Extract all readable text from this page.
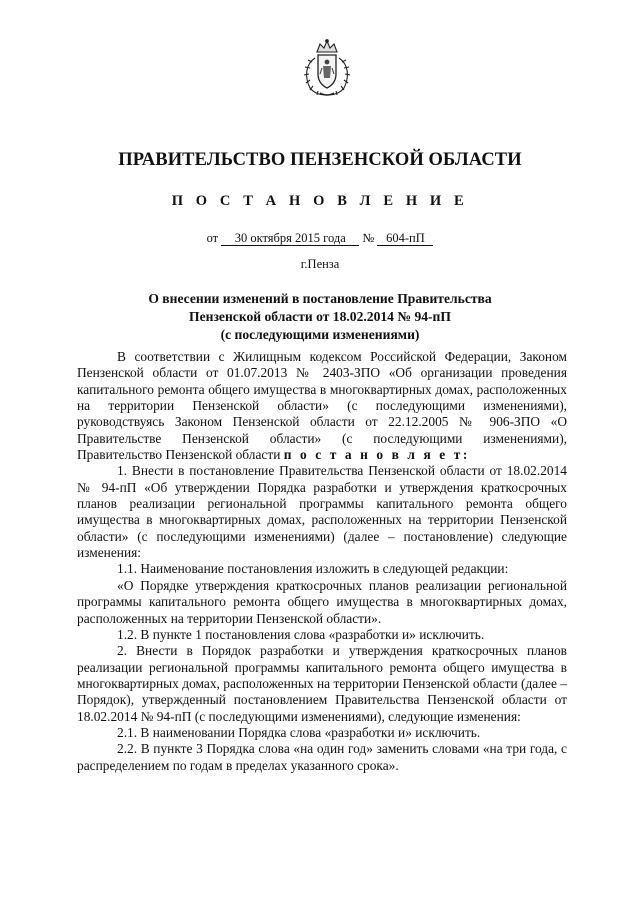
ПРАВИТЕЛЬСТВО ПЕНЗЕНСКОЙ ОБЛАСТИ
П О С Т А Н О В Л Е Н И Е
от 30 октября 2015 года № 604-пП
г.Пенза
О внесении изменений в постановление Правительства
Пензенской области от 18.02.2014 № 94-пП
(с последующими изменениями)

В соответствии с Жилищным кодексом Российской Федерации, Законом Пензенской области от 01.07.2013 № 2403-ЗПО «Об организации проведения капитального ремонта общего имущества в многоквартирных домах, расположенных на территории Пензенской области» (с последующими изменениями), руководствуясь Законом Пензенской области от 22.12.2005 № 906-ЗПО «О Правительстве Пензенской области» (с последующими изменениями), Правительство Пензенской области п о с т а н о в л я е т:

1. Внести в постановление Правительства Пензенской области от 18.02.2014 № 94-пП «Об утверждении Порядка разработки и утверждения краткосрочных планов реализации региональной программы капитального ремонта общего имущества в многоквартирных домах, расположенных на территории Пензенской области» (с последующими изменениями) (далее – постановление) следующие изменения:

1.1. Наименование постановления изложить в следующей редакции:

«О Порядке утверждения краткосрочных планов реализации региональной программы капитального ремонта общего имущества в многоквартирных домах, расположенных на территории Пензенской области».

1.2. В пункте 1 постановления слова «разработки и» исключить.

2. Внести в Порядок разработки и утверждения краткосрочных планов реализации региональной программы капитального ремонта общего имущества в многоквартирных домах, расположенных на территории Пензенской области (далее – Порядок), утвержденный постановлением Правительства Пензенской области от 18.02.2014 № 94-пП (с последующими изменениями), следующие изменения:

2.1. В наименовании Порядка слова «разработки и» исключить.

2.2. В пункте 3 Порядка слова «на один год» заменить словами «на три года, с распределением по годам в пределах указанного срока».
